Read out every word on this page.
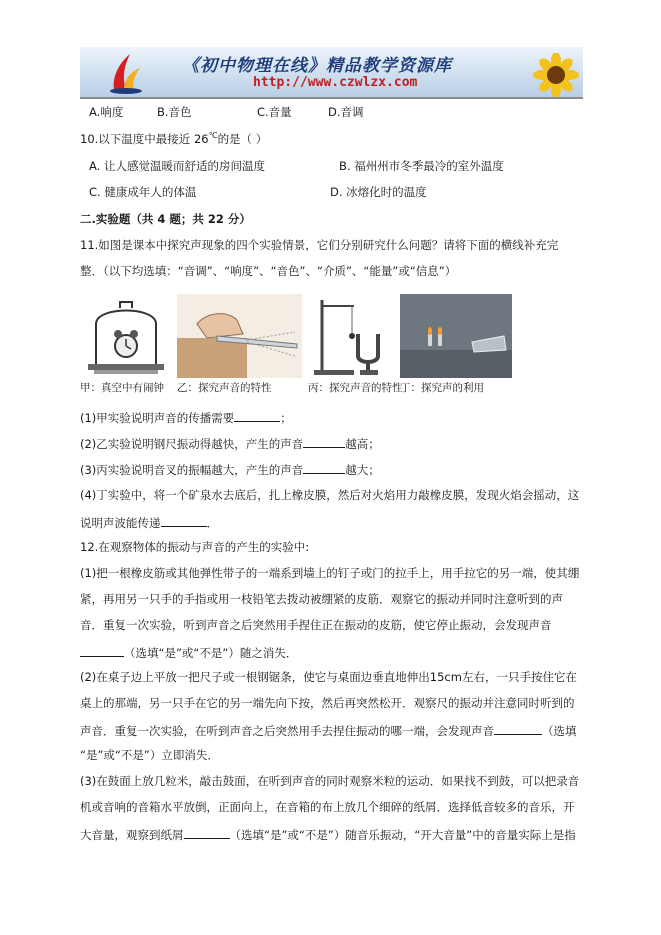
《初中物理在线》精品教学资源库
http://www.czwlzx.com
A.响度	B.音色	C.音量	D.音调
10.以下温度中最接近 26℃的是（ ）
A. 让人感觉温暖而舒适的房间温度	B. 福州州市冬季最冷的室外温度
C. 健康成年人的体温	D. 冰熔化时的温度
二.实验题（共 4 题；共 22 分）
11.如图是课本中探究声现象的四个实验情景，它们分别研究什么问题？请将下面的横线补充完
整．（以下均选填：“音调”、“响度”、“音色”、“介质”、“能量”或“信息”）
甲：真空中有闹钟 乙：探究声音的特性	丙：探究声音的特性
丁：探究声的利用
(1)甲实验说明声音的传播需要	；
(2)乙实验说明钢尺振动得越快，产生的声音	越高；
(3)丙实验说明音叉的振幅越大，产生的声音	越大；
(4)丁实验中，将一个矿泉水去底后，扎上橡皮膜，然后对火焰用力敲橡皮膜，发现火焰会摇动，这
说明声波能传递	．
12.在观察物体的振动与声音的产生的实验中:
(1)把一根橡皮筋或其他弹性带子的一端系到墙上的钉子或门的拉手上，用手拉它的另一端，使其绷
紧，再用另一只手的手指或用一枝铅笔去拨动被绷紧的皮筋．观察它的振动并同时注意听到的声
音．重复一次实验，听到声音之后突然用手捏住正在振动的皮筋，使它停止振动，会发现声音
（选填“是”或“不是”）随之消失．
(2)在桌子边上平放一把尺子或一根钢锯条，使它与桌面边垂直地伸出15cm左右，一只手按住它在
桌上的那端，另一只手在它的另一端先向下按，然后再突然松开．观察尺的振动并注意同时听到的
声音．重复一次实验，在听到声音之后突然用手去捏住振动的哪一端，会发现声音	（选填
“是”或“不是”）立即消失．
(3)在鼓面上放几粒米，敲击鼓面，在听到声音的同时观察米粒的运动．如果找不到鼓，可以把录音
机或音响的音箱水平放倒，正面向上，在音箱的布上放几个细碎的纸屑．选择低音较多的音乐，开
大音量，观察到纸屑	（选填“是”或“不是”）随音乐振动，“开大音量”中的音量实际上是指
